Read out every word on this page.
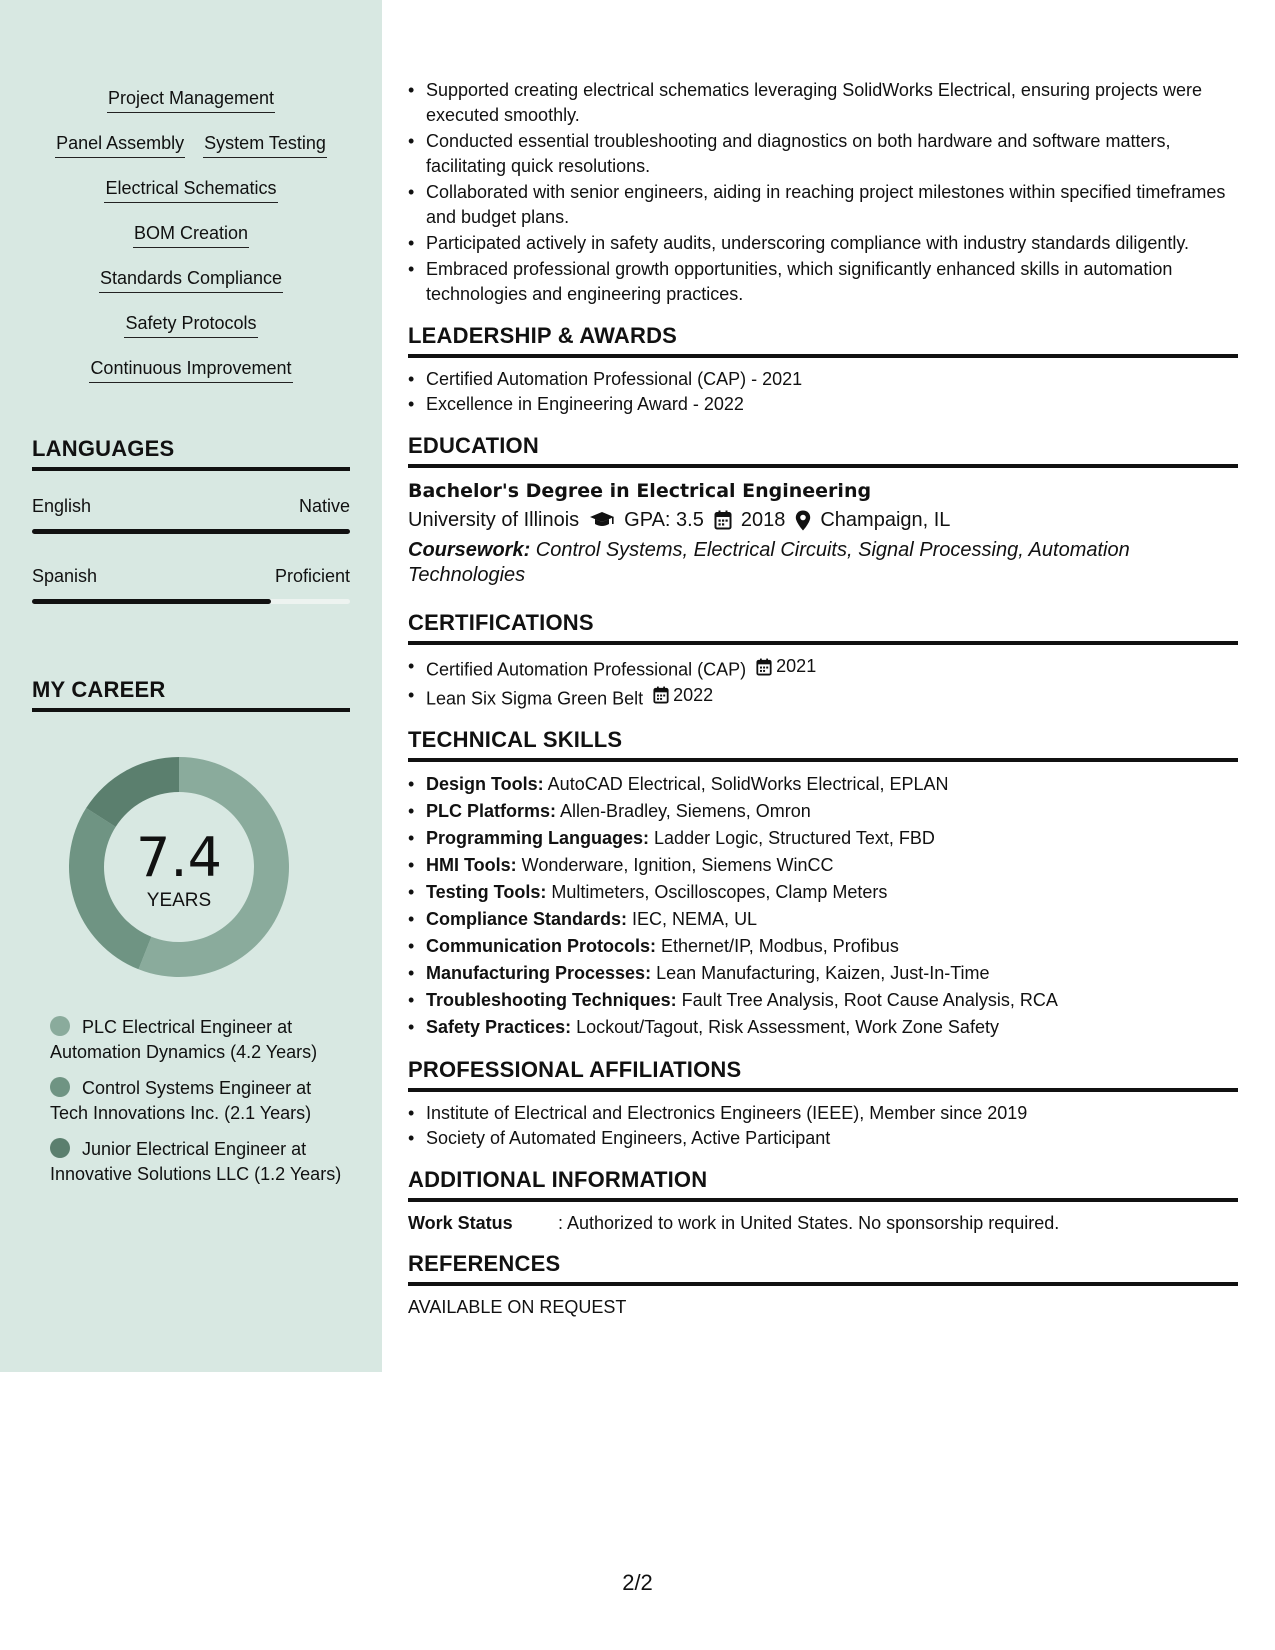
Project Management
Panel Assembly System Testing
Electrical Schematics
BOM Creation
Standards Compliance
Safety Protocols
Continuous Improvement
LANGUAGES
English	Native
Spanish	Proficient
MY CAREER
7.4
YEARS
PLC Electrical Engineer at Automation Dynamics (4.2 Years)
Control Systems Engineer at Tech Innovations Inc. (2.1 Years)
Junior Electrical Engineer at Innovative Solutions LLC (1.2 Years)
• Supported creating electrical schematics leveraging SolidWorks Electrical, ensuring projects were executed smoothly.
• Conducted essential troubleshooting and diagnostics on both hardware and software matters, facilitating quick resolutions.
• Collaborated with senior engineers, aiding in reaching project milestones within specified timeframes and budget plans.
• Participated actively in safety audits, underscoring compliance with industry standards diligently.
• Embraced professional growth opportunities, which significantly enhanced skills in automation technologies and engineering practices.
LEADERSHIP & AWARDS
• Certified Automation Professional (CAP) - 2021
• Excellence in Engineering Award - 2022
EDUCATION
Bachelor's Degree in Electrical Engineering
University of Illinois GPA: 3.5 2018 Champaign, IL
Coursework: Control Systems, Electrical Circuits, Signal Processing, Automation Technologies
CERTIFICATIONS
• Certified Automation Professional (CAP) 2021
• Lean Six Sigma Green Belt 2022
TECHNICAL SKILLS
• Design Tools: AutoCAD Electrical, SolidWorks Electrical, EPLAN
• PLC Platforms: Allen-Bradley, Siemens, Omron
• Programming Languages: Ladder Logic, Structured Text, FBD
• HMI Tools: Wonderware, Ignition, Siemens WinCC
• Testing Tools: Multimeters, Oscilloscopes, Clamp Meters
• Compliance Standards: IEC, NEMA, UL
• Communication Protocols: Ethernet/IP, Modbus, Profibus
• Manufacturing Processes: Lean Manufacturing, Kaizen, Just-In-Time
• Troubleshooting Techniques: Fault Tree Analysis, Root Cause Analysis, RCA
• Safety Practices: Lockout/Tagout, Risk Assessment, Work Zone Safety
PROFESSIONAL AFFILIATIONS
• Institute of Electrical and Electronics Engineers (IEEE), Member since 2019
• Society of Automated Engineers, Active Participant
ADDITIONAL INFORMATION
Work Status	: Authorized to work in United States. No sponsorship required.
REFERENCES
AVAILABLE ON REQUEST
2/2
